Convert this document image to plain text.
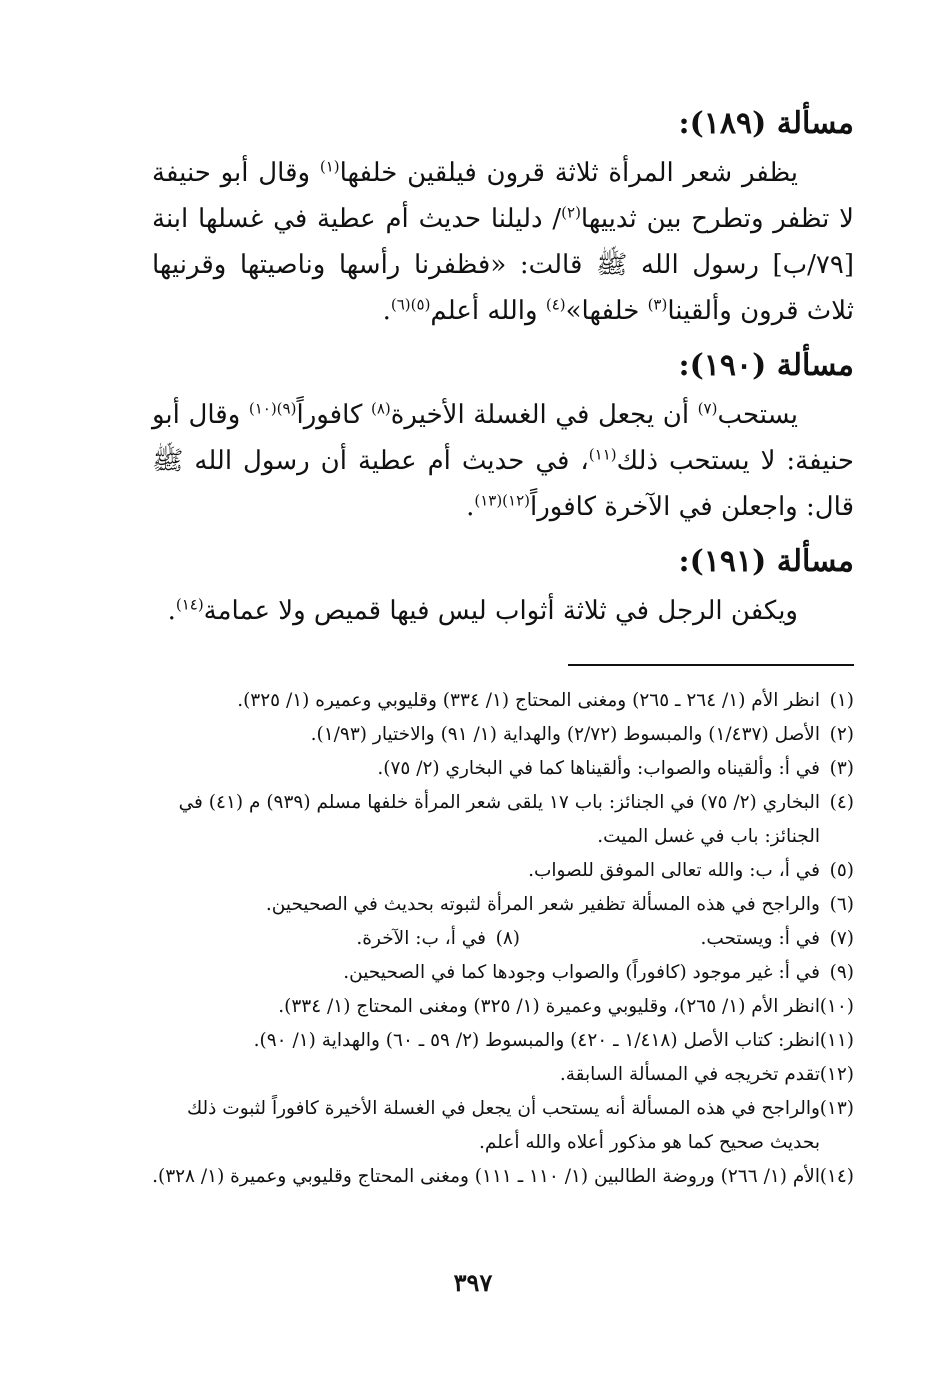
مسألة (١٨٩):

يظفر شعر المرأة ثلاثة قرون فيلقين خلفها$^{(١)}$ وقال أبو حنيفة لا تظفر وتطرح بين ثدييها$^{(٢)}$/ دليلنا حديث أم عطية في غسلها ابنة [٧٩/ب] رسول الله ﷺ قالت: «فظفرنا رأسها وناصيتها وقرنيها ثلاث قرون وألقينا$^{(٣)}$ خلفها»$^{(٤)}$ والله أعلم$^{(٥)(٦)}$.

مسألة (١٩٠):

يستحب$^{(٧)}$ أن يجعل في الغسلة الأخيرة$^{(٨)}$ كافوراً$^{(٩)(١٠)}$ وقال أبو حنيفة: لا يستحب ذلك$^{(١١)}$، في حديث أم عطية أن رسول الله ﷺ قال: واجعلن في الآخرة كافوراً$^{(١٢)(١٣)}$.

مسألة (١٩١):

ويكفن الرجل في ثلاثة أثواب ليس فيها قميص ولا عمامة$^{(١٤)}$.

(١)
انظر الأم (١/ ٢٦٤ ـ ٢٦٥) ومغنى المحتاج (١/ ٣٣٤) وقليوبي وعميره (١/ ٣٢٥).
(٢)
الأصل (١/٤٣٧) والمبسوط (٢/٧٢) والهداية (١/ ٩١) والاختيار (١/٩٣).
(٣)
في أ: وألقيناه والصواب: وألقيناها كما في البخاري (٢/ ٧٥).
(٤)
البخاري (٢/ ٧٥) في الجنائز: باب ١٧ يلقى شعر المرأة خلفها مسلم (٩٣٩) م (٤١) في الجنائز: باب في غسل الميت.
(٥)
في أ، ب: والله تعالى الموفق للصواب.
(٦)
والراجح في هذه المسألة تظفير شعر المرأة لثبوته بحديث في الصحيحين.
(٧)
في أ: ويستحب.
(٨)
في أ، ب: الآخرة.
(٩)
في أ: غير موجود (كافوراً) والصواب وجودها كما في الصحيحين.
(١٠)
انظر الأم (١/ ٢٦٥)، وقليوبي وعميرة (١/ ٣٢٥) ومغنى المحتاج (١/ ٣٣٤).
(١١)
انظر: كتاب الأصل (١/٤١٨ ـ ٤٢٠) والمبسوط (٢/ ٥٩ ـ ٦٠) والهداية (١/ ٩٠).
(١٢)
تقدم تخريجه في المسألة السابقة.
(١٣)
والراجح في هذه المسألة أنه يستحب أن يجعل في الغسلة الأخيرة كافوراً لثبوت ذلك بحديث صحيح كما هو مذكور أعلاه والله أعلم.
(١٤)
الأم (١/ ٢٦٦) وروضة الطالبين (١/ ١١٠ ـ ١١١) ومغنى المحتاج وقليوبي وعميرة (١/ ٣٢٨).
٣٩٧
